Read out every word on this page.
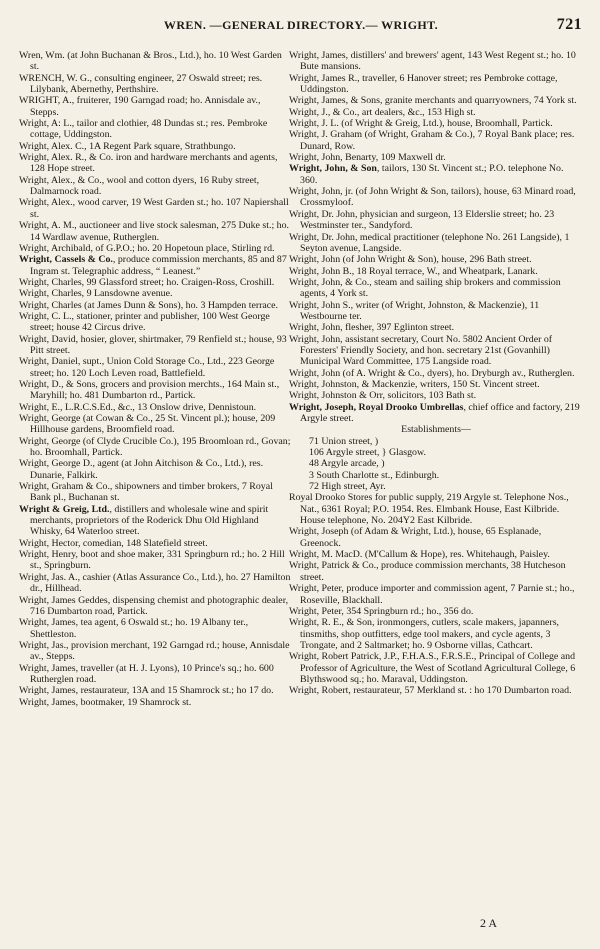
WREN. —GENERAL DIRECTORY.— WRIGHT.	721

Wren, Wm. (at John Buchanan & Bros., Ltd.), ho. 10 West Garden st.

WRENCH, W. G., consulting engineer, 27 Oswald street; res. Lilybank, Abernethy, Perthshire.

WRIGHT, A., fruiterer, 190 Garngad road; ho. Annisdale av., Stepps.

Wright, A: L., tailor and clothier, 48 Dundas st.; res. Pembroke cottage, Uddingston.

Wright, Alex. C., 1A Regent Park square, Strathbungo.

Wright, Alex. R., & Co. iron and hardware merchants and agents, 128 Hope street.

Wright, Alex., & Co., wool and cotton dyers, 16 Ruby street, Dalmarnock road.

Wright, Alex., wood carver, 19 West Garden st.; ho. 107 Napiershall st.

Wright, A. M., auctioneer and live stock salesman, 275 Duke st.; ho. 14 Wardlaw avenue, Rutherglen.

Wright, Archibald, of G.P.O.; ho. 20 Hopetoun place, Stirling rd.

Wright, Cassels & Co., produce commission merchants, 85 and 87 Ingram st. Telegraphic address, “ Leanest.”

Wright, Charles, 99 Glassford street; ho. Craigen-Ross, Croshill.

Wright, Charles, 9 Lansdowne avenue.

Wright, Charles (at James Dunn & Sons), ho. 3 Hampden terrace.

Wright, C. L., stationer, printer and publisher, 100 West George street; house 42 Circus drive.

Wright, David, hosier, glover, shirtmaker, 79 Renfield st.; house, 93 Pitt street.

Wright, Daniel, supt., Union Cold Storage Co., Ltd., 223 George street; ho. 120 Loch Leven road, Battlefield.

Wright, D., & Sons, grocers and provision merchts., 164 Main st., Maryhill; ho. 481 Dumbarton rd., Partick.

Wright, E., L.R.C.S.Ed., &c., 13 Onslow drive, Dennistoun.

Wright, George (at Cowan & Co., 25 St. Vincent pl.); house, 209 Hillhouse gardens, Broomfield road.

Wright, George (of Clyde Crucible Co.), 195 Broomloan rd., Govan; ho. Broomhall, Partick.

Wright, George D., agent (at John Aitchison & Co., Ltd.), res. Dunarie, Falkirk.

Wright, Graham & Co., shipowners and timber brokers, 7 Royal Bank pl., Buchanan st.

Wright & Greig, Ltd., distillers and wholesale wine and spirit merchants, proprietors of the Roderick Dhu Old Highland Whisky, 64 Waterloo street.

Wright, Hector, comedian, 148 Slatefield street.

Wright, Henry, boot and shoe maker, 331 Springburn rd.; ho. 2 Hill st., Springburn.

Wright, Jas. A., cashier (Atlas Assurance Co., Ltd.), ho. 27 Hamilton dr., Hillhead.

Wright, James Geddes, dispensing chemist and photographic dealer, 716 Dumbarton road, Partick.

Wright, James, tea agent, 6 Oswald st.; ho. 19 Albany ter., Shettleston.

Wright, Jas., provision merchant, 192 Garngad rd.; house, Annisdale av., Stepps.

Wright, James, traveller (at H. J. Lyons), 10 Prince's sq.; ho. 600 Rutherglen road.

Wright, James, restaurateur, 13A and 15 Shamrock st.; ho 17 do.

Wright, James, bootmaker, 19 Shamrock st.

Wright, James, distillers' and brewers' agent, 143 West Regent st.; ho. 10 Bute mansions.

Wright, James R., traveller, 6 Hanover street; res Pembroke cottage, Uddingston.

Wright, James, & Sons, granite merchants and quarryowners, 74 York st.

Wright, J., & Co., art dealers, &c., 153 High st.

Wright, J. L. (of Wright & Greig, Ltd.), house, Broomhall, Partick.

Wright, J. Graham (of Wright, Graham & Co.), 7 Royal Bank place; res. Dunard, Row.

Wright, John, Benarty, 109 Maxwell dr.

Wright, John, & Son, tailors, 130 St. Vincent st.; P.O. telephone No. 360.

Wright, John, jr. (of John Wright & Son, tailors), house, 63 Minard road, Crossmyloof.

Wright, Dr. John, physician and surgeon, 13 Elderslie street; ho. 23 Westminster ter., Sandyford.

Wright, Dr. John, medical practitioner (telephone No. 261 Langside), 1 Seyton avenue, Langside.

Wright, John (of John Wright & Son), house, 296 Bath street.

Wright, John B., 18 Royal terrace, W., and Wheatpark, Lanark.

Wright, John, & Co., steam and sailing ship brokers and commission agents, 4 York st.

Wright, John S., writer (of Wright, Johnston, & Mackenzie), 11 Westbourne ter.

Wright, John, flesher, 397 Eglinton street.

Wright, John, assistant secretary, Court No. 5802 Ancient Order of Foresters' Friendly Society, and hon. secretary 21st (Govanhill) Municipal Ward Committee, 175 Langside road.

Wright, John (of A. Wright & Co., dyers), ho. Dryburgh av., Rutherglen.

Wright, Johnston, & Mackenzie, writers, 150 St. Vincent street.

Wright, Johnston & Orr, solicitors, 103 Bath st.

Wright, Joseph, Royal Drooko Umbrellas, chief office and factory, 219 Argyle street.

Establishments—

71 Union street, )

106 Argyle street, } Glasgow.

48 Argyle arcade, )

3 South Charlotte st., Edinburgh.

72 High street, Ayr.

Royal Drooko Stores for public supply, 219 Argyle st. Telephone Nos., Nat., 6361 Royal; P.O. 1954. Res. Elmbank House, East Kilbride. House telephone, No. 204Y2 East Kilbride.

Wright, Joseph (of Adam & Wright, Ltd.), house, 65 Esplanade, Greenock.

Wright, M. MacD. (M'Callum & Hope), res. Whitehaugh, Paisley.

Wright, Patrick & Co., produce commission merchants, 38 Hutcheson street.

Wright, Peter, produce importer and commission agent, 7 Parnie st.; ho., Roseville, Blackhall.

Wright, Peter, 354 Springburn rd.; ho., 356 do.

Wright, R. E., & Son, ironmongers, cutlers, scale makers, japanners, tinsmiths, shop outfitters, edge tool makers, and cycle agents, 3 Trongate, and 2 Saltmarket; ho. 9 Osborne villas, Cathcart.

Wright, Robert Patrick, J.P., F.H.A.S., F.R.S.E., Principal of College and Professor of Agriculture, the West of Scotland Agricultural College, 6 Blythswood sq.; ho. Maraval, Uddingston.

Wright, Robert, restaurateur, 57 Merkland st. : ho 170 Dumbarton road.

2 A
